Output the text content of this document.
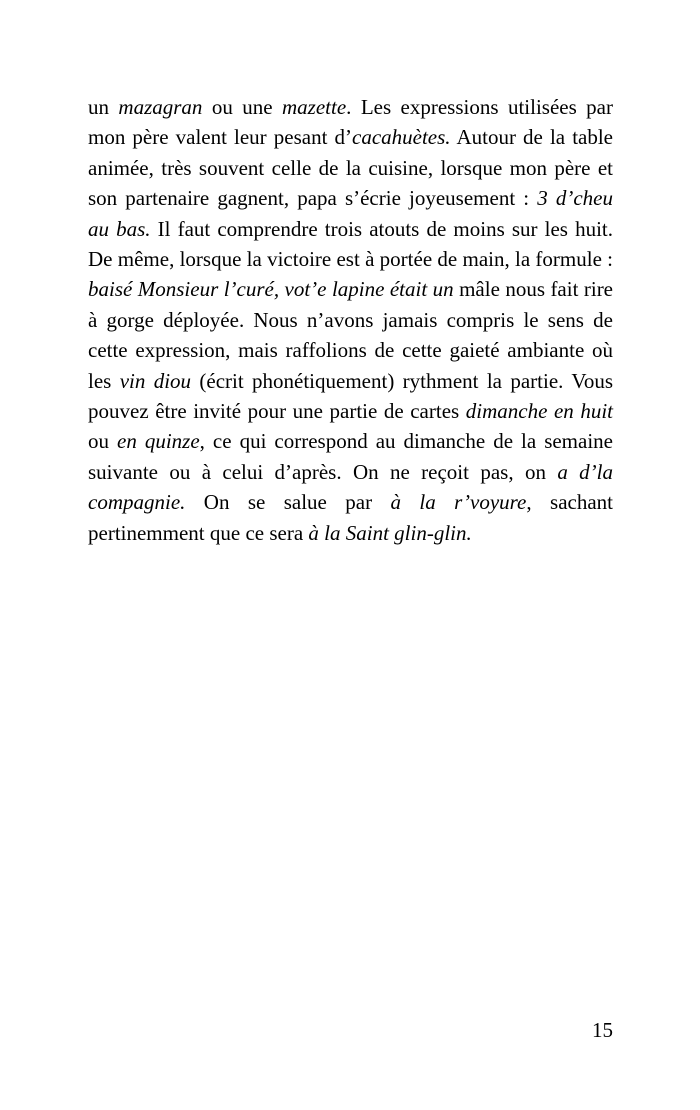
un mazagran ou une mazette. Les expressions utilisées par mon père valent leur pesant d’cacahuètes. Autour de la table animée, très souvent celle de la cuisine, lorsque mon père et son partenaire gagnent, papa s’écrie joyeusement : 3 d’cheu au bas. Il faut comprendre trois atouts de moins sur les huit. De même, lorsque la victoire est à portée de main, la formule : baisé Monsieur l’curé, vot’e lapine était un mâle nous fait rire à gorge déployée. Nous n’avons jamais compris le sens de cette expression, mais raffolions de cette gaieté ambiante où les vin diou (écrit phonétiquement) rythment la partie. Vous pouvez être invité pour une partie de cartes dimanche en huit ou en quinze, ce qui correspond au dimanche de la semaine suivante ou à celui d’après. On ne reçoit pas, on a d’la compagnie. On se salue par à la r’voyure, sachant pertinemment que ce sera à la Saint glin-glin.

15
